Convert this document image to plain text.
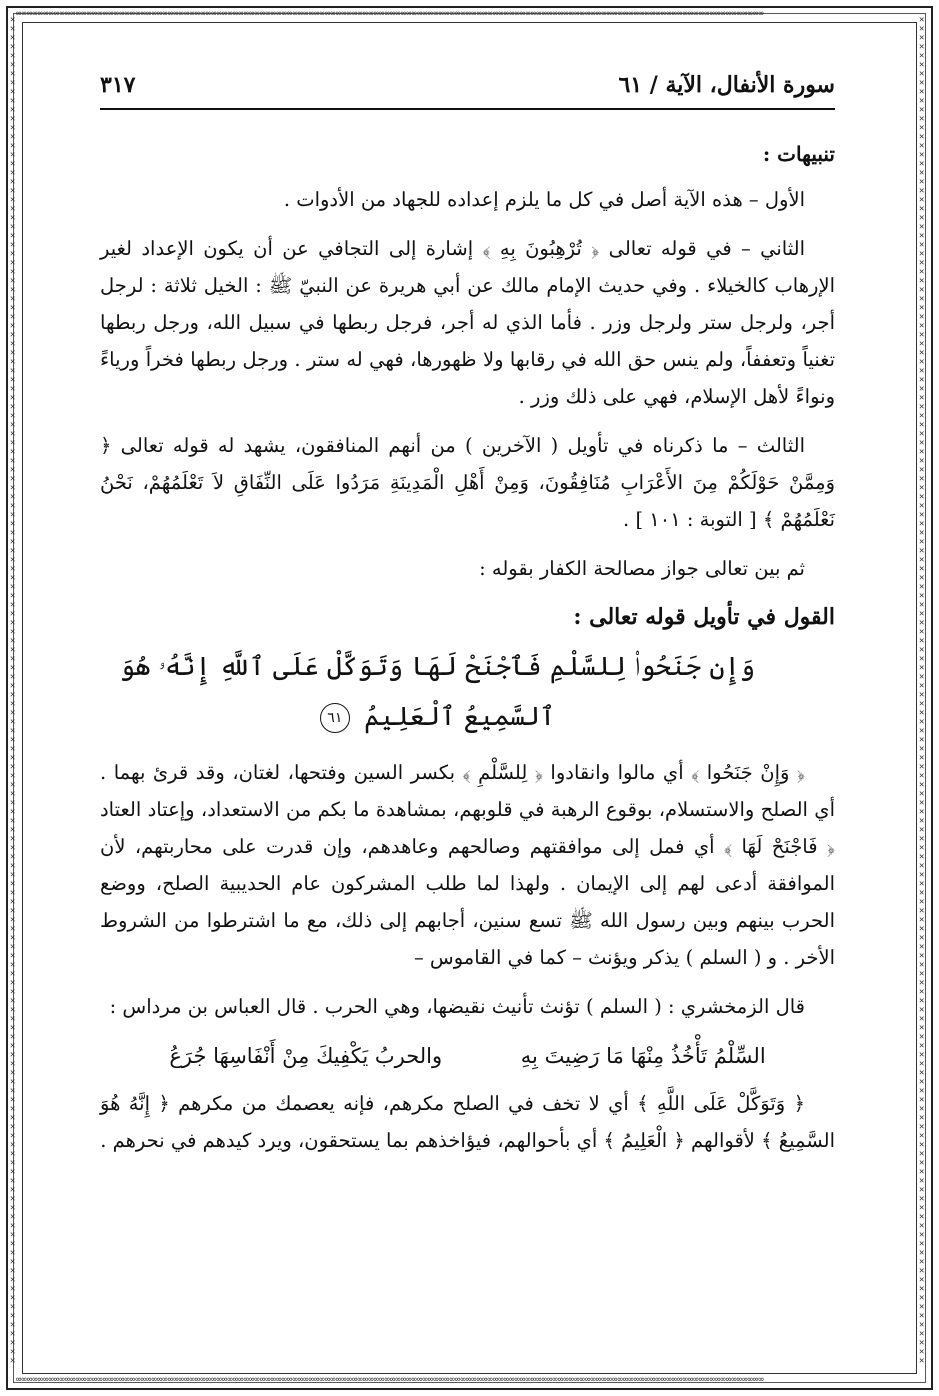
∞∞∞∞∞∞∞∞∞∞∞∞∞∞∞∞∞∞∞∞∞∞∞∞∞∞∞∞∞∞∞∞∞∞∞∞∞∞∞∞∞∞∞∞∞∞∞∞∞∞∞∞∞∞∞∞∞∞∞∞∞∞∞∞∞∞∞∞∞∞∞∞∞∞∞∞∞∞∞∞∞∞∞∞∞∞∞∞∞∞∞∞∞∞∞∞∞∞∞∞∞∞∞∞∞∞∞∞∞∞∞∞∞∞∞∞∞∞∞∞∞∞∞∞∞∞∞∞∞∞∞∞∞∞∞∞∞∞
∞∞∞∞∞∞∞∞∞∞∞∞∞∞∞∞∞∞∞∞∞∞∞∞∞∞∞∞∞∞∞∞∞∞∞∞∞∞∞∞∞∞∞∞∞∞∞∞∞∞∞∞∞∞∞∞∞∞∞∞∞∞∞∞∞∞∞∞∞∞∞∞∞∞∞∞∞∞∞∞∞∞∞∞∞∞∞∞∞∞∞∞∞∞∞∞∞∞∞∞∞∞∞∞∞∞∞∞∞∞∞∞∞∞∞∞∞∞∞∞∞∞∞∞∞∞∞∞∞∞∞∞∞∞∞∞∞∞
✕✕✕✕✕✕✕✕✕✕✕✕✕✕✕✕✕✕✕✕✕✕✕✕✕✕✕✕✕✕✕✕✕✕✕✕✕✕✕✕✕✕✕✕✕✕✕✕✕✕✕✕✕✕✕✕✕✕✕✕✕✕✕✕✕✕✕✕✕✕✕✕✕✕✕✕✕✕✕✕✕✕✕✕✕✕✕✕✕✕✕✕✕✕✕✕✕✕✕✕✕✕✕✕✕✕✕✕✕✕✕✕✕✕✕✕✕✕✕✕✕✕✕✕✕✕✕✕✕✕✕✕✕✕✕✕✕✕✕✕✕✕✕✕✕✕✕✕✕✕
✕✕✕✕✕✕✕✕✕✕✕✕✕✕✕✕✕✕✕✕✕✕✕✕✕✕✕✕✕✕✕✕✕✕✕✕✕✕✕✕✕✕✕✕✕✕✕✕✕✕✕✕✕✕✕✕✕✕✕✕✕✕✕✕✕✕✕✕✕✕✕✕✕✕✕✕✕✕✕✕✕✕✕✕✕✕✕✕✕✕✕✕✕✕✕✕✕✕✕✕✕✕✕✕✕✕✕✕✕✕✕✕✕✕✕✕✕✕✕✕✕✕✕✕✕✕✕✕✕✕✕✕✕✕✕✕✕✕✕✕✕✕✕✕✕✕✕✕✕✕
سورة الأنفال، الآية / ٦١
٣١٧

تنبيهات :

الأول – هذه الآية أصل في كل ما يلزم إعداده للجهاد من الأدوات .

الثاني – في قوله تعالى ﴿ تُرْهِبُونَ بِهِ ﴾ إشارة إلى التجافي عن أن يكون الإعداد لغير الإرهاب كالخيلاء . وفي حديث الإمام مالك عن أبي هريرة عن النبيّ ﷺ : الخيل ثلاثة : لرجل أجر، ولرجل ستر ولرجل وزر . فأما الذي له أجر، فرجل ربطها في سبيل الله، ورجل ربطها تغنياً وتعففاً، ولم ينس حق الله في رقابها ولا ظهورها، فهي له ستر . ورجل ربطها فخراً ورياءً ونواءً لأهل الإسلام، فهي على ذلك وزر .

الثالث – ما ذكرناه في تأويل ( الآخرين ) من أنهم المنافقون، يشهد له قوله تعالى ﴿ وَمِمَّنْ حَوْلَكُمْ مِنَ الأَعْرَابِ مُنَافِقُونَ، وَمِنْ أَهْلِ الْمَدِينَةِ مَرَدُوا عَلَى النِّفَاقِ لاَ تَعْلَمُهُمْ، نَحْنُ نَعْلَمُهُمْ ﴾ [ التوبة : ١٠١ ] .

ثم بين تعالى جواز مصالحة الكفار بقوله :

القول في تأويل قوله تعالى :

وَإِن جَنَحُوا۟ لِلسَّلْمِ فَٱجْنَحْ لَهَا وَتَوَكَّلْ عَلَى ٱللَّهِ إِنَّهُۥ هُوَ ٱلسَّمِيعُ ٱلْعَلِيمُ ٦١

﴿ وَإِنْ جَنَحُوا ﴾ أي مالوا وانقادوا ﴿ لِلسَّلْمِ ﴾ بكسر السين وفتحها، لغتان، وقد قرئ بهما . أي الصلح والاستسلام، بوقوع الرهبة في قلوبهم، بمشاهدة ما بكم من الاستعداد، وإعتاد العتاد ﴿ فَاجْنَحْ لَهَا ﴾ أي فمل إلى موافقتهم وصالحهم وعاهدهم، وإن قدرت على محاربتهم، لأن الموافقة أدعى لهم إلى الإيمان . ولهذا لما طلب المشركون عام الحديبية الصلح، ووضع الحرب بينهم وبين رسول الله ﷺ تسع سنين، أجابهم إلى ذلك، مع ما اشترطوا من الشروط الأخر . و ( السلم ) يذكر ويؤنث – كما في القاموس –

قال الزمخشري : ( السلم ) تؤنث تأنيث نقيضها، وهي الحرب . قال العباس بن مرداس :

السِّلْمُ تَأْخُذُ مِنْهَا مَا رَضِيتَ بِهِ
والحربُ يَكْفِيكَ مِنْ أَنْفَاسِهَا جُرَعُ

﴿ وَتَوَكَّلْ عَلَى اللَّهِ ﴾ أي لا تخف في الصلح مكرهم، فإنه يعصمك من مكرهم ﴿ إِنَّهُ هُوَ السَّمِيعُ ﴾ لأقوالهم ﴿ الْعَلِيمُ ﴾ أي بأحوالهم، فيؤاخذهم بما يستحقون، ويرد كيدهم في نحرهم .
